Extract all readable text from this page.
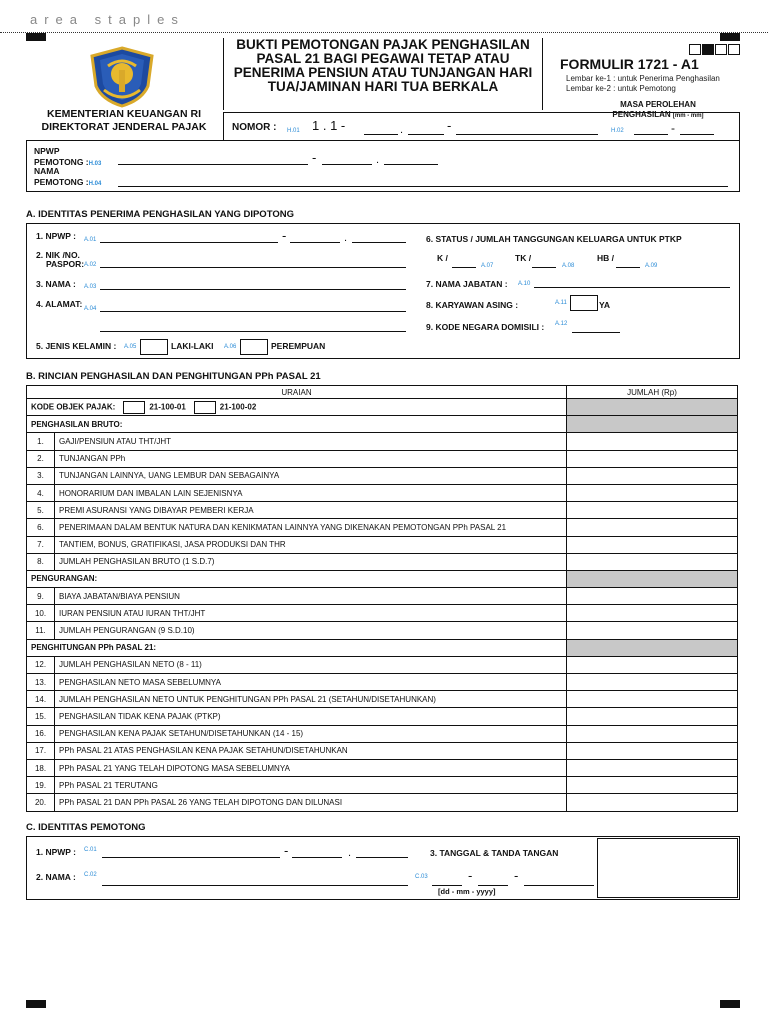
area staples
KEMENTERIAN KEUANGAN RI
DIREKTORAT JENDERAL PAJAK
BUKTI PEMOTONGAN PAJAK PENGHASILAN
PASAL 21 BAGI PEGAWAI TETAP ATAU
PENERIMA PENSIUN ATAU TUNJANGAN HARI
TUA/JAMINAN HARI TUA BERKALA
FORMULIR 1721 - A1
Lembar ke-1 : untuk Penerima Penghasilan
Lembar ke-2 : untuk Pemotong
MASA PEROLEHAN
PENGHASILAN [mm - mm]
NOMOR : H.01 1 . 1 -	.	-	H.02	-
NPWP
PEMOTONG :H.03	-	.
NAMA
PEMOTONG :H.04
A. IDENTITAS PENERIMA PENGHASILAN YANG DIPOTONG
1. NPWP : A.01	-	.
2. NIK /NO.
PASPOR: A.02
3. NAMA : A.03
4. ALAMAT: A.04
5. JENIS KELAMIN : A.05	LAKI-LAKI A.06	PEREMPUAN
6. STATUS / JUMLAH TANGGUNGAN KELUARGA UNTUK PTKP
K /
A.07
TK /
A.08
HB /
A.09
7. NAMA JABATAN : A.10
8. KARYAWAN ASING :	A.11	YA
9. KODE NEGARA DOMISILI : A.12
B. RINCIAN PENGHASILAN DAN PENGHITUNGAN PPh PASAL 21
URAIAN		JUMLAH (Rp)
KODE OBJEK PAJAK: 21-100-01 21-100-02		
PENGHASILAN BRUTO:		
1.	GAJI/PENSIUN ATAU THT/JHT	
2.	TUNJANGAN PPh	
3.	TUNJANGAN LAINNYA, UANG LEMBUR DAN SEBAGAINYA	
4.	HONORARIUM DAN IMBALAN LAIN SEJENISNYA	
5.	PREMI ASURANSI YANG DIBAYAR PEMBERI KERJA	
6.	PENERIMAAN DALAM BENTUK NATURA DAN KENIKMATAN LAINNYA YANG DIKENAKAN PEMOTONGAN PPh PASAL 21	
7.	TANTIEM, BONUS, GRATIFIKASI, JASA PRODUKSI DAN THR	
8.	JUMLAH PENGHASILAN BRUTO (1 S.D.7)	
PENGURANGAN:		
9.	BIAYA JABATAN/BIAYA PENSIUN	
10.	IURAN PENSIUN ATAU IURAN THT/JHT	
11.	JUMLAH PENGURANGAN (9 S.D.10)	
PENGHITUNGAN PPh PASAL 21:		
12.	JUMLAH PENGHASILAN NETO (8 - 11)	
13.	PENGHASILAN NETO MASA SEBELUMNYA	
14.	JUMLAH PENGHASILAN NETO UNTUK PENGHITUNGAN PPh PASAL 21 (SETAHUN/DISETAHUNKAN)	
15.	PENGHASILAN TIDAK KENA PAJAK (PTKP)	
16.	PENGHASILAN KENA PAJAK SETAHUN/DISETAHUNKAN (14 - 15)	
17.	PPh PASAL 21 ATAS PENGHASILAN KENA PAJAK SETAHUN/DISETAHUNKAN	
18.	PPh PASAL 21 YANG TELAH DIPOTONG MASA SEBELUMNYA	
19.	PPh PASAL 21 TERUTANG	
20.	PPh PASAL 21 DAN PPh PASAL 26 YANG TELAH DIPOTONG DAN DILUNASI	
C. IDENTITAS PEMOTONG
1. NPWP : C.01	-	.
2. NAMA : C.02
3. TANGGAL & TANDA TANGAN
C.03	-	-
[dd - mm - yyyy]
